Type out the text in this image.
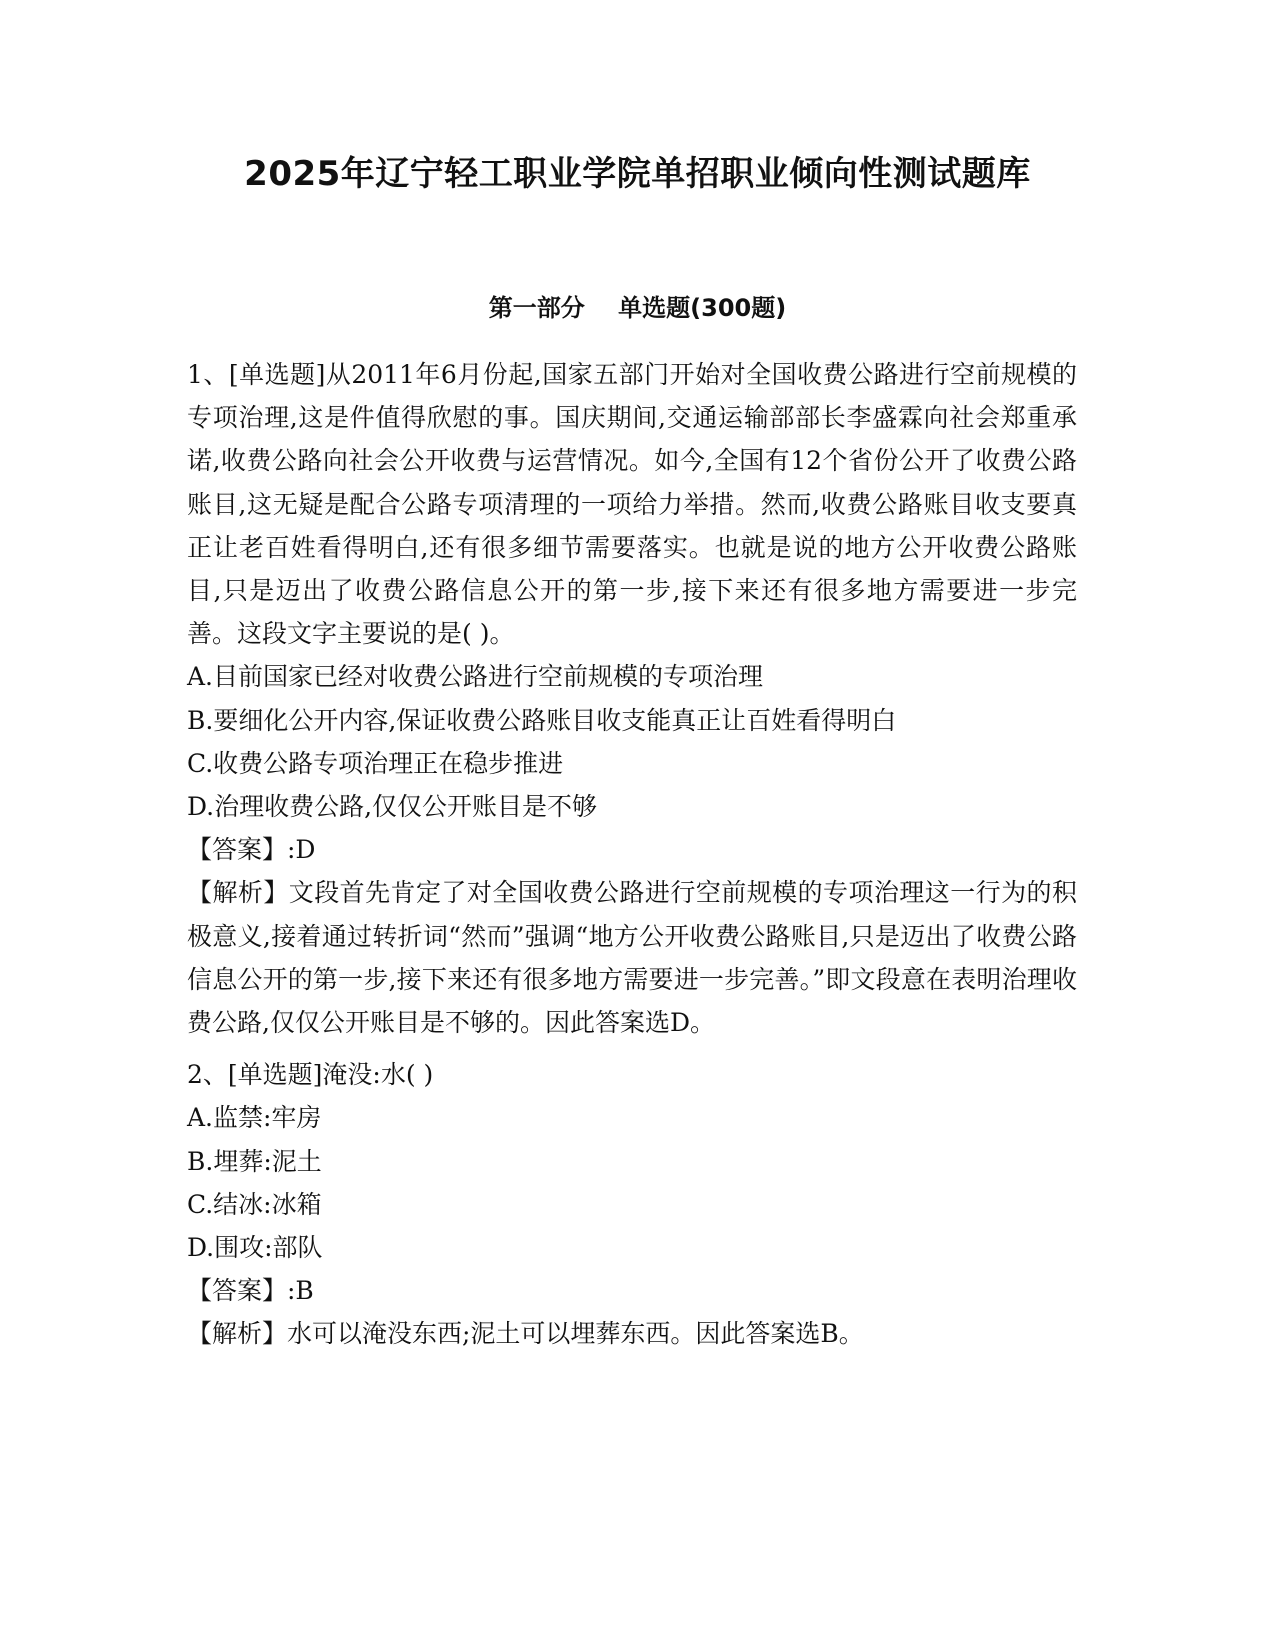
2025年辽宁轻工职业学院单招职业倾向性测试题库
第一部分    单选题(300题)

1、[单选题]从2011年6月份起,国家五部门开始对全国收费公路进行空前规模的专项治理,这是件值得欣慰的事。国庆期间,交通运输部部长李盛霖向社会郑重承诺,收费公路向社会公开收费与运营情况。如今,全国有12个省份公开了收费公路账目,这无疑是配合公路专项清理的一项给力举措。然而,收费公路账目收支要真正让老百姓看得明白,还有很多细节需要落实。也就是说的地方公开收费公路账目,只是迈出了收费公路信息公开的第一步,接下来还有很多地方需要进一步完善。这段文字主要说的是( )。

A.目前国家已经对收费公路进行空前规模的专项治理

B.要细化公开内容,保证收费公路账目收支能真正让百姓看得明白

C.收费公路专项治理正在稳步推进

D.治理收费公路,仅仅公开账目是不够

【答案】:D

【解析】文段首先肯定了对全国收费公路进行空前规模的专项治理这一行为的积极意义,接着通过转折词“然而”强调“地方公开收费公路账目,只是迈出了收费公路信息公开的第一步,接下来还有很多地方需要进一步完善。”即文段意在表明治理收费公路,仅仅公开账目是不够的。因此答案选D。

2、[单选题]淹没:水( )

A.监禁:牢房

B.埋葬:泥土

C.结冰:冰箱

D.围攻:部队

【答案】:B

【解析】水可以淹没东西;泥土可以埋葬东西。因此答案选B。
